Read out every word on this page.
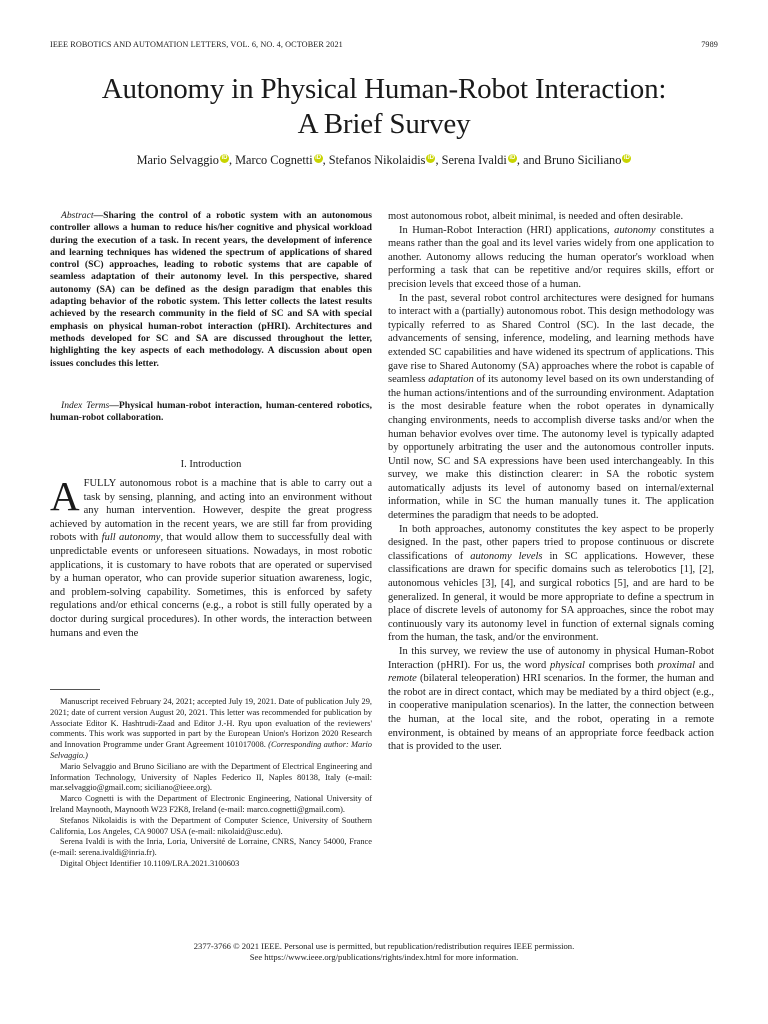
IEEE ROBOTICS AND AUTOMATION LETTERS, VOL. 6, NO. 4, OCTOBER 2021	7989
Autonomy in Physical Human-Robot Interaction:
A Brief Survey
Mario Selvaggio iD , Marco Cognetti iD , Stefanos Nikolaidis iD , Serena Ivaldi iD , and Bruno Siciliano iD

Abstract—Sharing the control of a robotic system with an autonomous controller allows a human to reduce his/her cognitive and physical workload during the execution of a task. In recent years, the development of inference and learning techniques has widened the spectrum of applications of shared control (SC) approaches, leading to robotic systems that are capable of seamless adaptation of their autonomy level. In this perspective, shared autonomy (SA) can be defined as the design paradigm that enables this adapting behavior of the robotic system. This letter collects the latest results achieved by the research community in the field of SC and SA with special emphasis on physical human-robot interaction (pHRI). Architectures and methods developed for SC and SA are discussed throughout the letter, highlighting the key aspects of each methodology. A discussion about open issues concludes this letter.

Index Terms—Physical human-robot interaction, human-centered robotics, human-robot collaboration.

I. Introduction

AFULLY autonomous robot is a machine that is able to carry out a task by sensing, planning, and acting into an environment without any human intervention. However, despite the great progress achieved by automation in the recent years, we are still far from providing robots with full autonomy, that would allow them to successfully deal with unpredictable events or unforeseen situations. Nowadays, in most robotic applications, it is customary to have robots that are operated or supervised by a human operator, who can provide superior situation awareness, logic, and problem-solving capability. Sometimes, this is enforced by safety regulations and/or ethical concerns (e.g., a robot is still fully operated by a doctor during surgical procedures). In other words, the interaction between humans and even the

Manuscript received February 24, 2021; accepted July 19, 2021. Date of publication July 29, 2021; date of current version August 20, 2021. This letter was recommended for publication by Associate Editor K. Hashtrudi-Zaad and Editor J.-H. Ryu upon evaluation of the reviewers' comments. This work was supported in part by the European Union's Horizon 2020 Research and Innovation Programme under Grant Agreement 101017008. (Corresponding author: Mario Selvaggio.)

Mario Selvaggio and Bruno Siciliano are with the Department of Electrical Engineering and Information Technology, University of Naples Federico II, Naples 80138, Italy (e-mail: mar.selvaggio@gmail.com; siciliano@ieee.org).

Marco Cognetti is with the Department of Electronic Engineering, National University of Ireland Maynooth, Maynooth W23 F2K8, Ireland (e-mail: marco.cognetti@gmail.com).

Stefanos Nikolaidis is with the Department of Computer Science, University of Southern California, Los Angeles, CA 90007 USA (e-mail: nikolaid@usc.edu).

Serena Ivaldi is with the Inria, Loria, Université de Lorraine, CNRS, Nancy 54000, France (e-mail: serena.ivaldi@inria.fr).

Digital Object Identifier 10.1109/LRA.2021.3100603

most autonomous robot, albeit minimal, is needed and often desirable.

In Human-Robot Interaction (HRI) applications, autonomy constitutes a means rather than the goal and its level varies widely from one application to another. Autonomy allows reducing the human operator's workload when performing a task that can be repetitive and/or requires skills, effort or precision levels that exceed those of a human.

In the past, several robot control architectures were designed for humans to interact with a (partially) autonomous robot. This design methodology was typically referred to as Shared Control (SC). In the last decade, the advancements of sensing, inference, modeling, and learning methods have extended SC capabilities and have widened its spectrum of applications. This gave rise to Shared Autonomy (SA) approaches where the robot is capable of seamless adaptation of its autonomy level based on its own understanding of the human actions/intentions and of the surrounding environment. Adaptation is the most desirable feature when the robot operates in dynamically changing environments, needs to accomplish diverse tasks and/or when the human behavior evolves over time. The autonomy level is typically adapted by opportunely arbitrating the user and the autonomous controller inputs. Until now, SC and SA expressions have been used interchangeably. In this survey, we make this distinction clearer: in SA the robotic system automatically adjusts its level of autonomy based on internal/external information, while in SC the human manually tunes it. The application determines the paradigm that needs to be adopted.

In both approaches, autonomy constitutes the key aspect to be properly designed. In the past, other papers tried to propose continuous or discrete classifications of autonomy levels in SC applications. However, these classifications are drawn for specific domains such as telerobotics [1], [2], autonomous vehicles [3], [4], and surgical robotics [5], and are hard to be generalized. In general, it would be more appropriate to define a spectrum in place of discrete levels of autonomy for SA approaches, since the robot may continuously vary its autonomy level in function of external signals coming from the human, the task, and/or the environment.

In this survey, we review the use of autonomy in physical Human-Robot Interaction (pHRI). For us, the word physical comprises both proximal and remote (bilateral teleoperation) HRI scenarios. In the former, the human and the robot are in direct contact, which may be mediated by a third object (e.g., in cooperative manipulation scenarios). In the latter, the connection between the human, at the local site, and the robot, operating in a remote environment, is obtained by means of an appropriate force feedback action that is provided to the user.

2377-3766 © 2021 IEEE. Personal use is permitted, but republication/redistribution requires IEEE permission.
See https://www.ieee.org/publications/rights/index.html for more information.
